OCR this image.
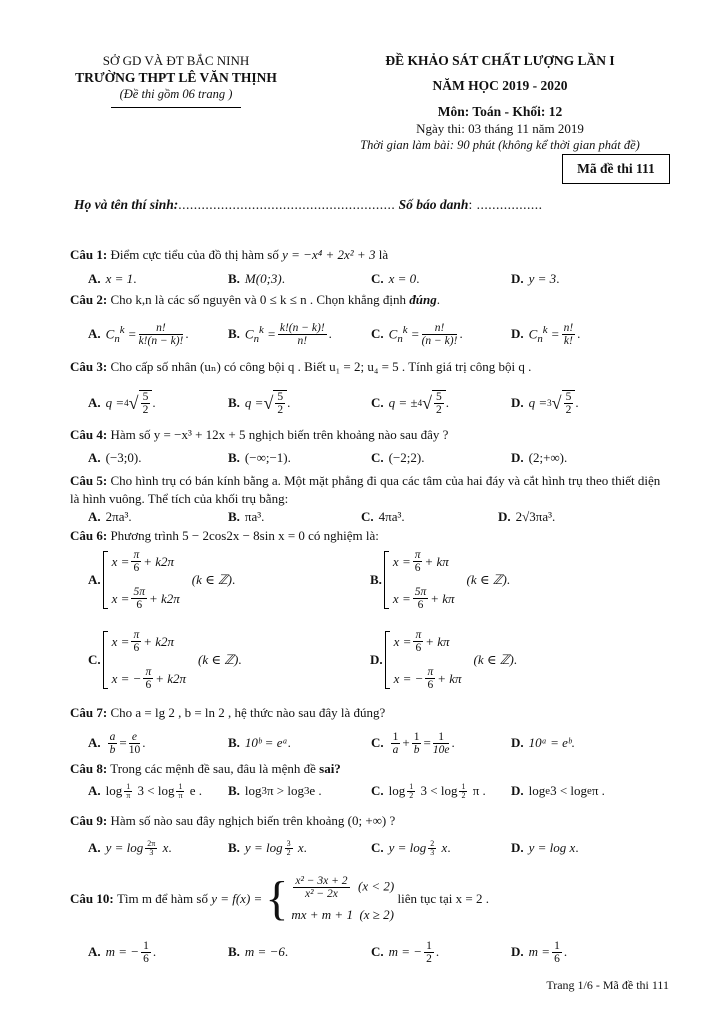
SỞ GD VÀ ĐT BẮC NINH
TRƯỜNG THPT LÊ VĂN THỊNH
(Đề thi gồm 06 trang )
ĐỀ KHẢO SÁT CHẤT LƯỢNG LẦN I
NĂM HỌC 2019 - 2020
Môn: Toán - Khối: 12
Ngày thi: 03 tháng 11 năm 2019
Thời gian làm bài: 90 phút (không kể thời gian phát đề)
Mã đề thi 111
Họ và tên thí sinh:........................................................ Số báo danh: .................
Câu 1: Điểm cực tiểu của đồ thị hàm số y = −x⁴ + 2x² + 3 là
A. x = 1 .	B. M(0;3) .	C. x = 0 .	D. y = 3 .
Câu 2: Cho k,n là các số nguyên và 0 ≤ k ≤ n . Chọn khẳng định đúng.
A. $C_n^k = \frac{n!}{k!(n - k)!}$ .	B. $C_n^k = \frac{k!(n - k)!}{n!}$ .	C. $C_n^k = \frac{n!}{(n - k)!}$ .	D. $C_n^k = \frac{n!}{k!}$ .
Câu 3: Cho cấp số nhân (uₙ) có công bội q . Biết u₁ = 2; u₄ = 5 . Tính giá trị công bội q .
A. q = 4 √ $\frac{5}{2}$ .	B. q = √ $\frac{5}{2}$ .	C. q = ± 4 √ $\frac{5}{2}$ .	D. q = 3 √ $\frac{5}{2}$ .
Câu 4: Hàm số y = −x³ + 12x + 5 nghịch biến trên khoảng nào sau đây ?
A. (−3;0) .	B. (−∞;−1) .	C. (−2;2) .	D. (2;+∞) .
Câu 5: Cho hình trụ có bán kính bằng a. Một mặt phẳng đi qua các tâm của hai đáy và cắt hình trụ theo thiết diện là hình vuông. Thể tích của khối trụ bằng:
A. 2πa³ .	B. πa³ .	C. 4πa³ .	D. 2√3πa³ .
Câu 6: Phương trình 5 − 2cos2x − 8sin x = 0 có nghiệm là:
A.
$x = \frac{\pi}{6} + k2\pi$
$x = \frac{5\pi}{6} + k2\pi$
(k ∈ ℤ) .	B.
$x = \frac{\pi}{6} + k\pi$
$x = \frac{5\pi}{6} + k\pi$
(k ∈ ℤ) .
C.
$x = \frac{\pi}{6} + k2\pi$
x = − $\frac{\pi}{6} + k2\pi$
(k ∈ ℤ) .	D.
$x = \frac{\pi}{6} + k\pi$
x = − $\frac{\pi}{6} + k\pi$
(k ∈ ℤ) .
Câu 7: Cho a = lg 2 , b = ln 2 , hệ thức nào sau đây là đúng?
A. $\frac{a}{b} = \frac{e}{10}$ .	B. 10ᵇ = eᵃ .	C. $\frac{1}{a} + \frac{1}{b} = \frac{1}{10e}$ .	D. 10ᵃ = eᵇ .
Câu 8: Trong các mệnh đề sau, đâu là mệnh đề sai?
A. $\log \frac{1}{\pi} 3 < \log \frac{1}{\pi}$ e . B. log 3 π > log 3 e .	C. $\log \frac{1}{2} 3 < \log \frac{1}{2}$ π . D. log e 3 < log e π .
Câu 9: Hàm số nào sau đây nghịch biến trên khoảng (0; +∞) ?
A. $y = \log \frac{2\pi}{3}$
x .	B. $y = \log \frac{3}{2}$
x .	C. $y = \log \frac{2}{3}$
x .	D. y = log x .
Câu 10:
Tìm m để hàm số
y = f(x) = { $\frac{\text{x² − 3x + 2}}{\text{x² − 2x}} (x < 2)$
mx + m + 1 (x ≥ 2)

liên tục tại x = 2 .
A. m = − $\frac{1}{6}$ .	B. m = −6 .	C. m = − $\frac{1}{2}$ .	D. $m = \frac{1}{6}$ .
Trang 1/6 - Mã đề thi 111
